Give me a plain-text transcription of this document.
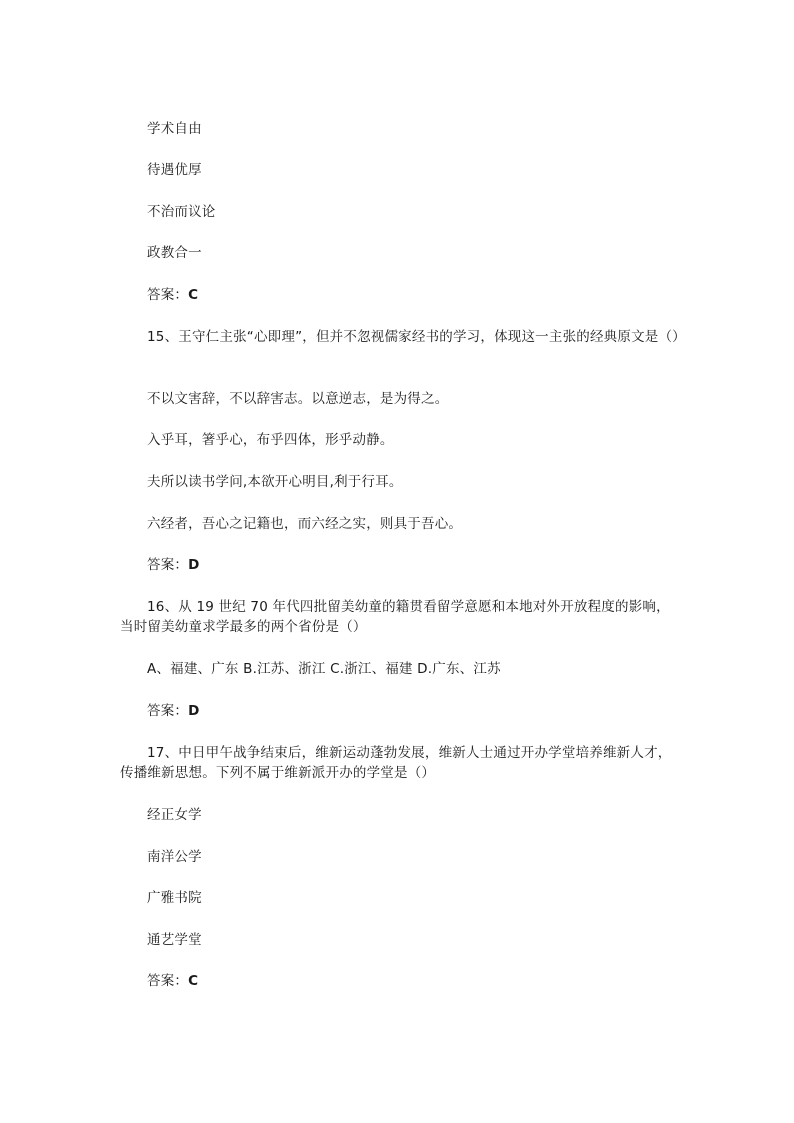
学术自由
待遇优厚
不治而议论
政教合一
答案：C
15、王守仁主张“心即理”，但并不忽视儒家经书的学习，体现这一主张的经典原文是（）
不以文害辞，不以辞害志。以意逆志，是为得之。
入乎耳，箸乎心，布乎四体，形乎动静。
夫所以读书学问,本欲开心明目,利于行耳。
六经者，吾心之记籍也，而六经之实，则具于吾心。
答案：D
16、从 19 世纪 70 年代四批留美幼童的籍贯看留学意愿和本地对外开放程度的影响，当时留美幼童求学最多的两个省份是（）
A、福建、广东 B.江苏、浙江 C.浙江、福建 D.广东、江苏
答案：D
17、中日甲午战争结束后，维新运动蓬勃发展，维新人士通过开办学堂培养维新人才，传播维新思想。下列不属于维新派开办的学堂是（）
经正女学
南洋公学
广雅书院
通艺学堂
答案：C
